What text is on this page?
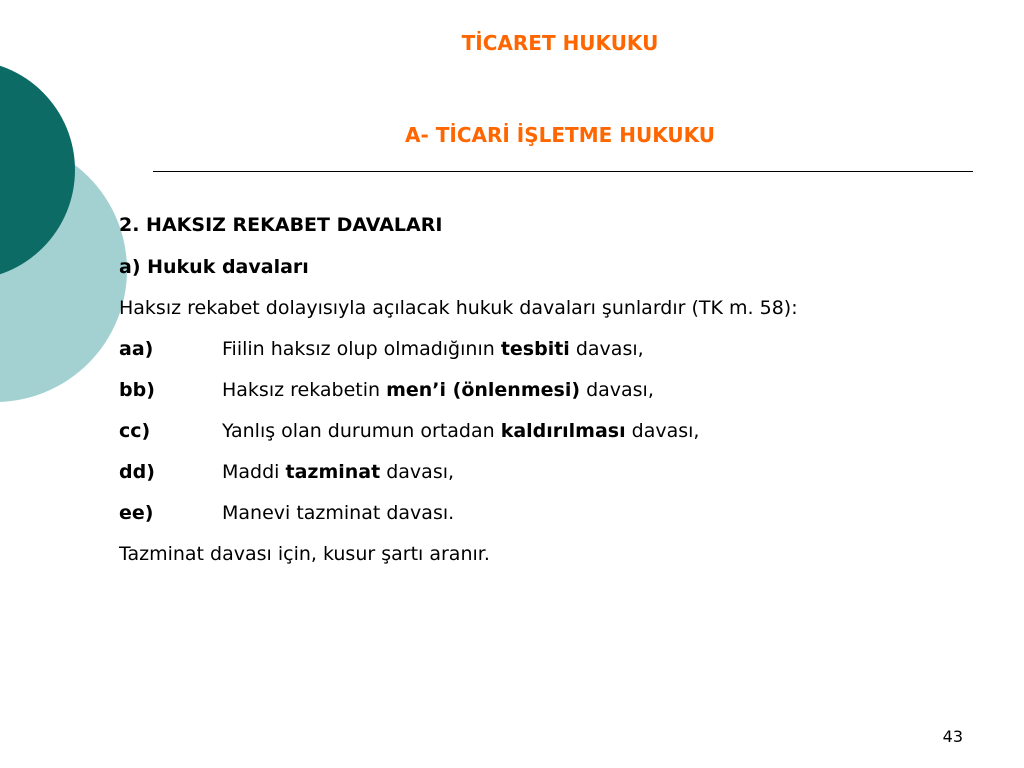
TİCARET HUKUKU
A- TİCARİ İŞLETME HUKUKU
2. HAKSIZ REKABET DAVALARI
a) Hukuk davaları
Haksız rekabet dolayısıyla açılacak hukuk davaları şunlardır (TK m. 58):
aa)	Fiilin haksız olup olmadığının tesbiti davası,
bb)	Haksız rekabetin men’i (önlenmesi) davası,
cc)	Yanlış olan durumun ortadan kaldırılması davası,
dd)	Maddi tazminat davası,
ee)	Manevi tazminat davası.
Tazminat davası için, kusur şartı aranır.
43
